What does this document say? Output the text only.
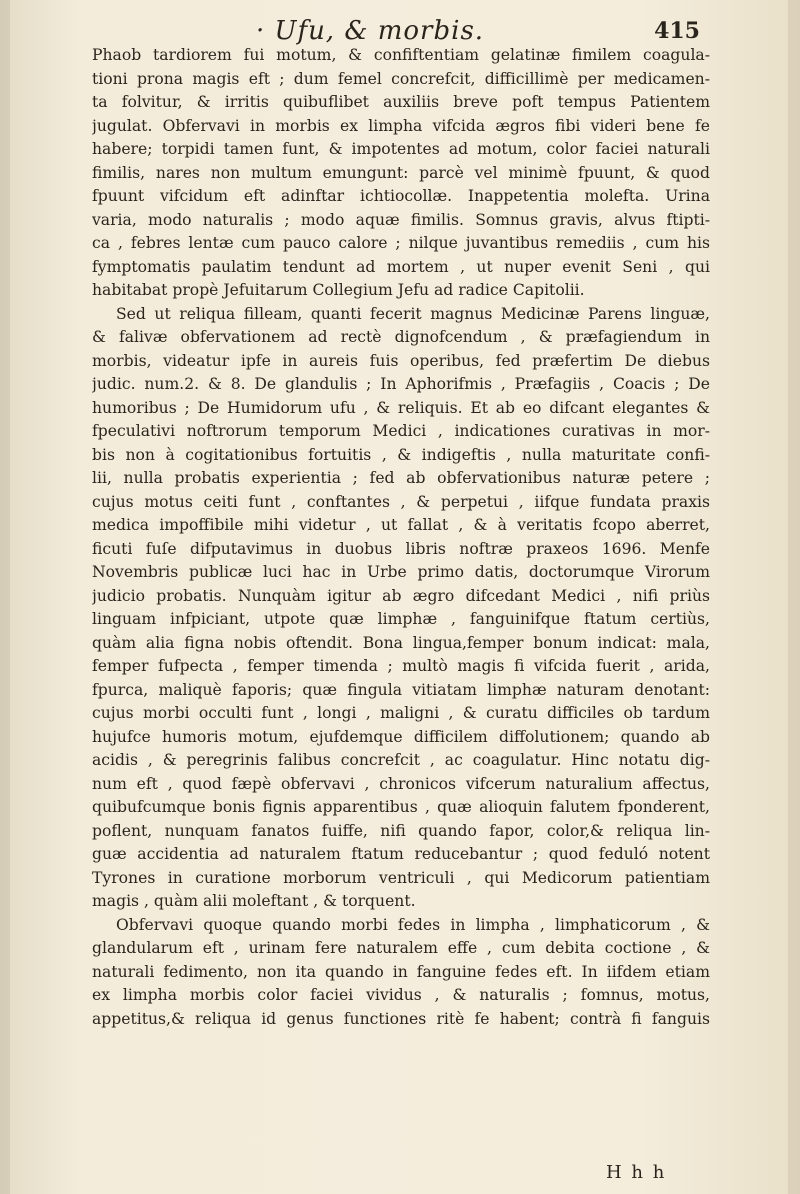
· Ufu, & morbis.	415
Phaob tardiorem fui motum, & confiftentiam gelatinæ fimilem coagula-
tioni prona magis eft ; dum femel concrefcit, difficillimè per medicamen-
ta folvitur, & irritis quibuflibet auxiliis breve poft tempus Patientem
jugulat. Obfervavi in morbis ex limpha vifcida ægros fibi videri bene fe
habere; torpidi tamen funt, & impotentes ad motum, color faciei naturali
fimilis, nares non multum emungunt: parcè vel minimè fpuunt, & quod
fpuunt vifcidum eft adinftar ichtiocollæ. Inappetentia molefta. Urina
varia, modo naturalis ; modo aquæ fimilis. Somnus gravis, alvus ftipti-
ca , febres lentæ cum pauco calore ; nilque juvantibus remediis , cum his
fymptomatis paulatim tendunt ad mortem , ut nuper evenit Seni , qui
habitabat propè Jefuitarum Collegium Jefu ad radice Capitolii.
Sed ut reliqua filleam, quanti fecerit magnus Medicinæ Parens linguæ,
& falivæ obfervationem ad rectè dignofcendum , & præfagiendum in
morbis, videatur ipfe in aureis fuis operibus, fed præfertim De diebus
judic. num.2. & 8. De glandulis ; In Aphorifmis , Præfagiis , Coacis ; De
humoribus ; De Humidorum ufu , & reliquis. Et ab eo difcant elegantes &
fpeculativi noftrorum temporum Medici , indicationes curativas in mor-
bis non à cogitationibus fortuitis , & indigeftis , nulla maturitate confi-
lii, nulla probatis experientia ; fed ab obfervationibus naturæ petere ;
cujus motus ceiti funt , conftantes , & perpetui , iifque fundata praxis
medica impoffibile mihi videtur , ut fallat , & à veritatis fcopo aberret,
ficuti fuſe difputavimus in duobus libris noftræ praxeos 1696. Menfe
Novembris publicæ luci hac in Urbe primo datis, doctorumque Virorum
judicio probatis. Nunquàm igitur ab ægro difcedant Medici , nifi priùs
linguam infpiciant, utpote quæ limphæ , fanguinifque ftatum certiùs,
quàm alia figna nobis oftendit. Bona lingua,femper bonum indicat: mala,
femper fufpecta , femper timenda ; multò magis fi vifcida fuerit , arida,
fpurca, maliquè faporis; quæ fingula vitiatam limphæ naturam denotant:
cujus morbi occulti funt , longi , maligni , & curatu difficiles ob tardum
hujufce humoris motum, ejufdemque difficilem diffolutionem; quando ab
acidis , & peregrinis falibus concrefcit , ac coagulatur. Hinc notatu dig-
num eft , quod fæpè obfervavi , chronicos vifcerum naturalium affectus,
quibufcumque bonis fignis apparentibus , quæ alioquin falutem fponderent,
poflent, nunquam fanatos fuiffe, nifi quando fapor, color,& reliqua lin-
guæ accidentia ad naturalem ftatum reducebantur ; quod feduló notent
Tyrones in curatione morborum ventriculi , qui Medicorum patientiam
magis , quàm alii moleftant , & torquent.
Obfervavi quoque quando morbi fedes in limpha , limphaticorum , &
glandularum eft , urinam fere naturalem effe , cum debita coctione , &
naturali fedimento, non ita quando in fanguine fedes eft. In iifdem etiam
ex limpha morbis color faciei vividus , & naturalis ; fomnus, motus,
appetitus,& reliqua id genus functiones ritè fe habent; contrà fi fanguis
H h h
